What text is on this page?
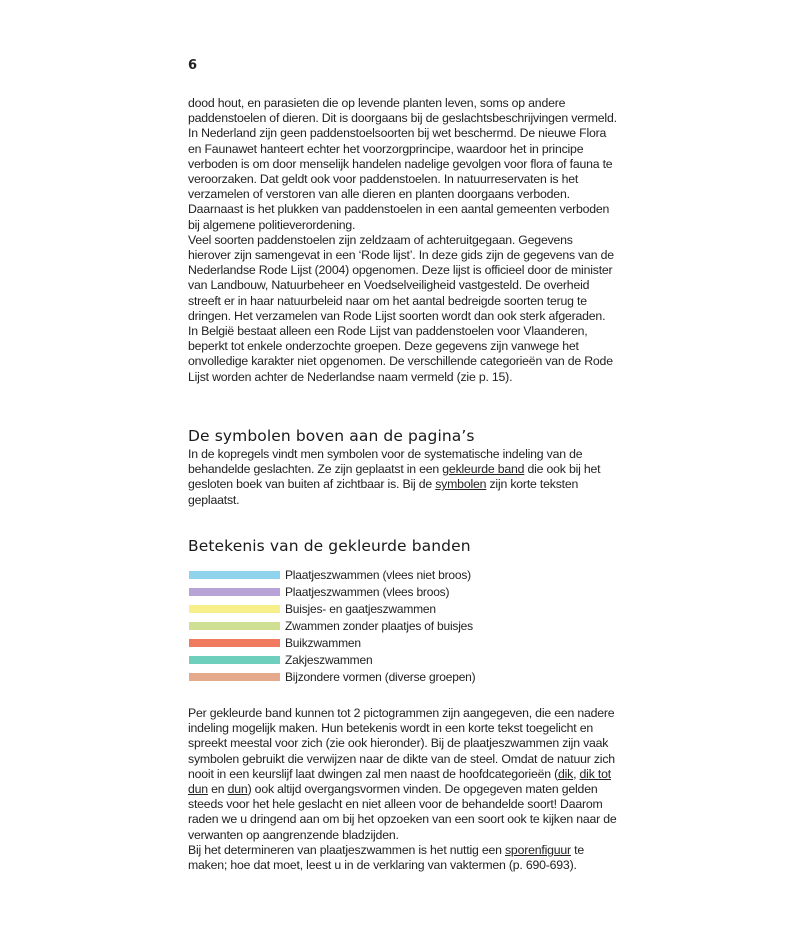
6

dood hout, en parasieten die op levende planten leven, soms op andere paddenstoelen of dieren. Dit is doorgaans bij de geslachtsbeschrijvingen vermeld.

In Nederland zijn geen paddenstoelsoorten bij wet beschermd. De nieuwe Flora en Faunawet hanteert echter het voorzorgprincipe, waardoor het in principe verboden is om door menselijk handelen nadelige gevolgen voor flora of fauna te veroorzaken. Dat geldt ook voor paddenstoelen. In natuurreservaten is het verzamelen of verstoren van alle dieren en planten doorgaans verboden. Daarnaast is het plukken van paddenstoelen in een aantal gemeenten verboden bij algemene politieverordening.

Veel soorten paddenstoelen zijn zeldzaam of achteruitgegaan. Gegevens hierover zijn samengevat in een ‘Rode lijst’. In deze gids zijn de gegevens van de Nederlandse Rode Lijst (2004) opgenomen. Deze lijst is officieel door de minister van Landbouw, Natuurbeheer en Voedselveiligheid vastgesteld. De overheid streeft er in haar natuurbeleid naar om het aantal bedreigde soorten terug te dringen. Het verzamelen van Rode Lijst soorten wordt dan ook sterk afgeraden. In België bestaat alleen een Rode Lijst van paddenstoelen voor Vlaanderen, beperkt tot enkele onderzochte groepen. Deze gegevens zijn vanwege het onvolledige karakter niet opgenomen. De verschillende categorieën van de Rode Lijst worden achter de Nederlandse naam vermeld (zie p. 15).

De symbolen boven aan de pagina’s

In de kopregels vindt men symbolen voor de systematische indeling van de behandelde geslachten. Ze zijn geplaatst in een gekleurde band die ook bij het gesloten boek van buiten af zichtbaar is. Bij de symbolen zijn korte teksten geplaatst.

Betekenis van de gekleurde banden
Plaatjeszwammen (vlees niet broos)
Plaatjeszwammen (vlees broos)
Buisjes- en gaatjeszwammen
Zwammen zonder plaatjes of buisjes
Buikzwammen
Zakjeszwammen
Bijzondere vormen (diverse groepen)

Per gekleurde band kunnen tot 2 pictogrammen zijn aangegeven, die een nadere indeling mogelijk maken. Hun betekenis wordt in een korte tekst toegelicht en spreekt meestal voor zich (zie ook hieronder). Bij de plaatjeszwammen zijn vaak symbolen gebruikt die verwijzen naar de dikte van de steel. Omdat de natuur zich nooit in een keurslijf laat dwingen zal men naast de hoofdcategorieën (dik, dik tot dun en dun) ook altijd overgangsvormen vinden. De opgegeven maten gelden steeds voor het hele geslacht en niet alleen voor de behandelde soort! Daarom raden we u dringend aan om bij het opzoeken van een soort ook te kijken naar de verwanten op aangrenzende bladzijden.

Bij het determineren van plaatjeszwammen is het nuttig een sporenfiguur te maken; hoe dat moet, leest u in de verklaring van vaktermen (p. 690-693).
